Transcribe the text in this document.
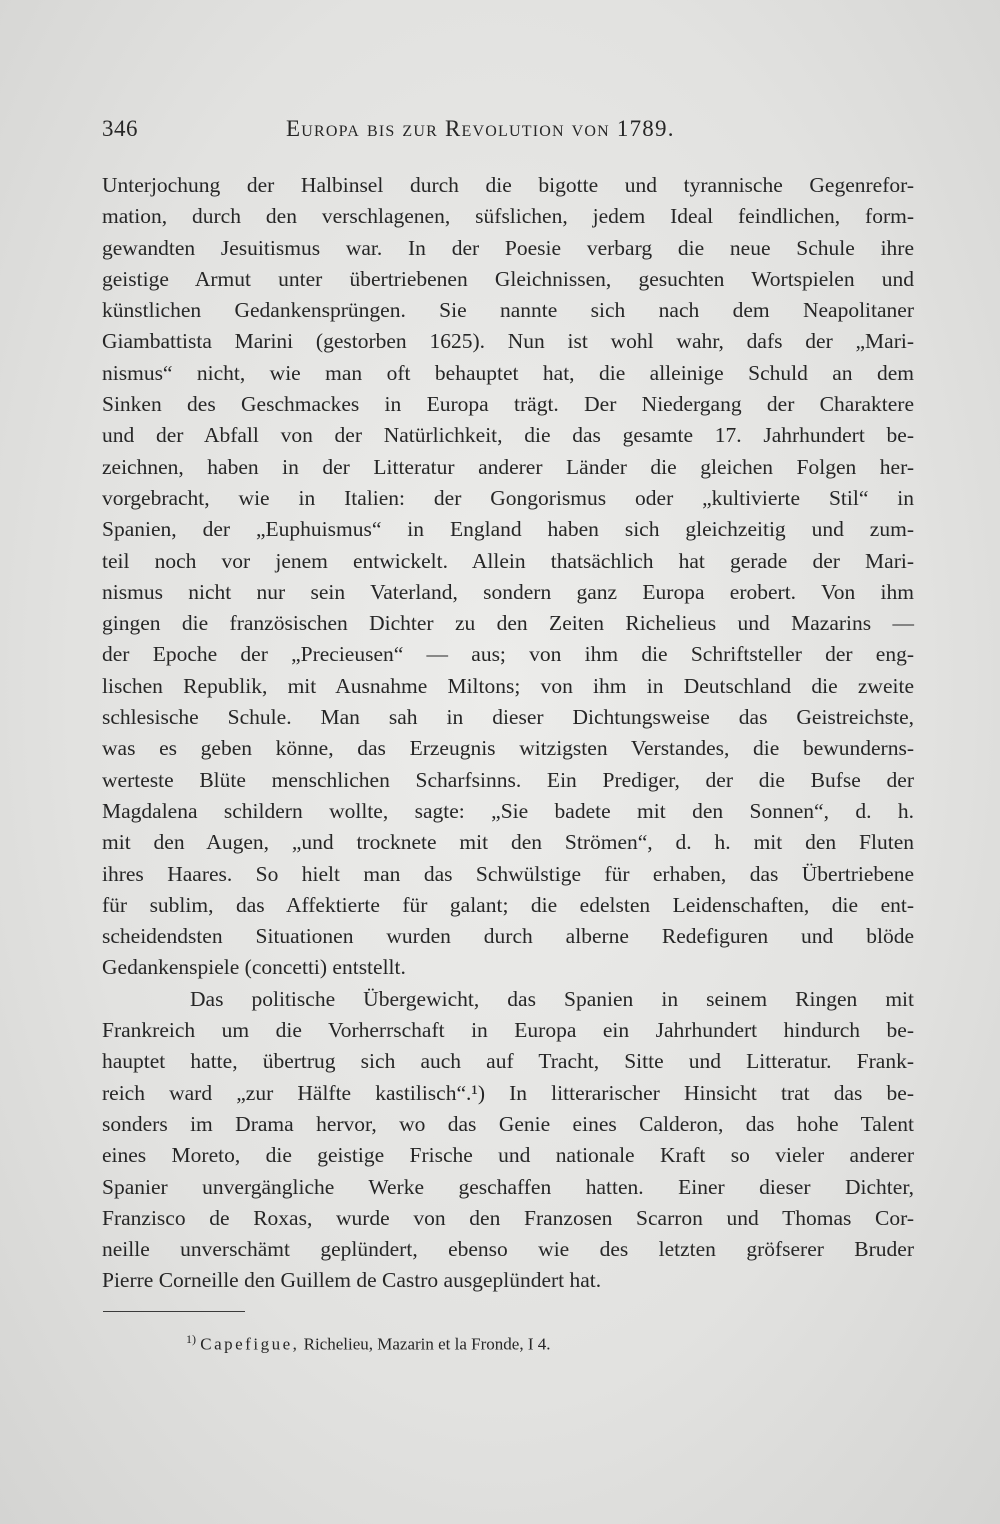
346	Europa bis zur Revolution von 1789.
Unterjochung der Halbinsel durch die bigotte und tyrannische Gegenrefor-
mation, durch den verschlagenen, süfslichen, jedem Ideal feindlichen, form-
gewandten Jesuitismus war. In der Poesie verbarg die neue Schule ihre
geistige Armut unter übertriebenen Gleichnissen, gesuchten Wortspielen und
künstlichen Gedankensprüngen. Sie nannte sich nach dem Neapolitaner
Giambattista Marini (gestorben 1625). Nun ist wohl wahr, dafs der „Mari-
nismus“ nicht, wie man oft behauptet hat, die alleinige Schuld an dem
Sinken des Geschmackes in Europa trägt. Der Niedergang der Charaktere
und der Abfall von der Natürlichkeit, die das gesamte 17. Jahrhundert be-
zeichnen, haben in der Litteratur anderer Länder die gleichen Folgen her-
vorgebracht, wie in Italien: der Gongorismus oder „kultivierte Stil“ in
Spanien, der „Euphuismus“ in England haben sich gleichzeitig und zum-
teil noch vor jenem entwickelt. Allein thatsächlich hat gerade der Mari-
nismus nicht nur sein Vaterland, sondern ganz Europa erobert. Von ihm
gingen die französischen Dichter zu den Zeiten Richelieus und Mazarins —
der Epoche der „Precieusen“ — aus; von ihm die Schriftsteller der eng-
lischen Republik, mit Ausnahme Miltons; von ihm in Deutschland die zweite
schlesische Schule. Man sah in dieser Dichtungsweise das Geistreichste,
was es geben könne, das Erzeugnis witzigsten Verstandes, die bewunderns-
werteste Blüte menschlichen Scharfsinns. Ein Prediger, der die Bufse der
Magdalena schildern wollte, sagte: „Sie badete mit den Sonnen“, d. h.
mit den Augen, „und trocknete mit den Strömen“, d. h. mit den Fluten
ihres Haares. So hielt man das Schwülstige für erhaben, das Übertriebene
für sublim, das Affektierte für galant; die edelsten Leidenschaften, die ent-
scheidendsten Situationen wurden durch alberne Redefiguren und blöde
Gedankenspiele (concetti) entstellt.
Das politische Übergewicht, das Spanien in seinem Ringen mit
Frankreich um die Vorherrschaft in Europa ein Jahrhundert hindurch be-
hauptet hatte, übertrug sich auch auf Tracht, Sitte und Litteratur. Frank-
reich ward „zur Hälfte kastilisch“.¹) In litterarischer Hinsicht trat das be-
sonders im Drama hervor, wo das Genie eines Calderon, das hohe Talent
eines Moreto, die geistige Frische und nationale Kraft so vieler anderer
Spanier unvergängliche Werke geschaffen hatten. Einer dieser Dichter,
Franzisco de Roxas, wurde von den Franzosen Scarron und Thomas Cor-
neille unverschämt geplündert, ebenso wie des letzten gröfserer Bruder
Pierre Corneille den Guillem de Castro ausgeplündert hat.
$^{1)}$ Capefigue, Richelieu, Mazarin et la Fronde, I 4.
